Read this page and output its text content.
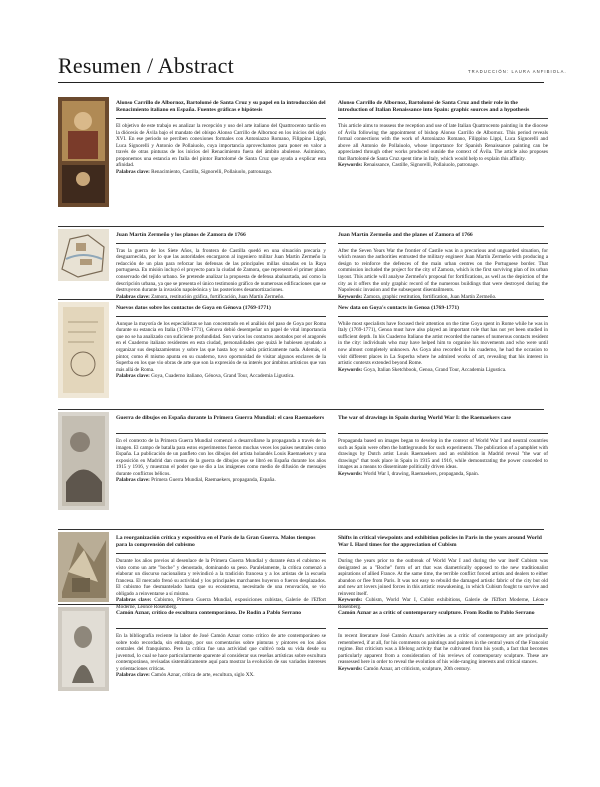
Resumen / Abstract	TRADUCCIÓN: LAURA ANFIBIOLA.
Alonso Carrillo de Albornoz, Bartolomé de Santa Cruz y su papel en la introducción del Renacimiento italiano en España. Fuentes gráficas e hipótesis

El objetivo de este trabajo es analizar la recepción y uso del arte italiano del Quattrocento tardío en la diócesis de Ávila bajo el mandato del obispo Alonso Carrillo de Albornoz en los inicios del siglo XVI. En ese periodo se perciben conexiones formales con Antoniazzo Romano, Filippino Lippi, Luca Signorelli y Antonio de Pollaiuolo, cuya importancia aprovechamos para poner en valor a través de otras pinturas de los inicios del Renacimiento fuera del ámbito abulense. Asimismo, proponemos una estancia en Italia del pintor Bartolomé de Santa Cruz que ayuda a explicar esta afinidad.

Palabras clave: Renacimiento, Castilla, Signorelli, Pollaiuolo, patronazgo.

Alonso Carrillo de Albornoz, Bartolomé de Santa Cruz and their role in the introduction of Italian Renaissance into Spain: graphic sources and a hypothesis

This article aims to reassess the reception and use of late Italian Quattrocento painting in the diocese of Ávila following the appointment of bishop Alonso Carrillo de Albornoz. This period reveals formal connections with the work of Antoniazzo Romano, Filippino Lippi, Luca Signorelli and above all Antonio de Pollaiuolo, whose importance for Spanish Renaissance painting can be appreciated through other works produced outside the context of Ávila. The article also proposes that Bartolomé de Santa Cruz spent time in Italy, which would help to explain this affinity.

Keywords: Renaissance, Castille, Signorelli, Pollaiuolo, patronage.

Juan Martín Zermeño y los planos de Zamora de 1766

Tras la guerra de los Siete Años, la frontera de Castilla quedó en una situación precaria y desguarnecida, por lo que las autoridades encargaron al ingeniero militar Juan Martín Zermeño la redacción de un plan para reforzar las defensas de las principales millas situadas en la Raya portuguesa. En misión incluyó el proyecto para la ciudad de Zamora, que representó el primer plano conservado del tejido urbano. Se pretende analizar la propuesta de defensa abaluartada, así como la descripción urbana, ya que se presenta el único testimonio gráfico de numerosas edificaciones que se destruyeron durante la invasión napoleónica y las posteriores desamortizaciones.

Palabras clave: Zamora, restitución gráfica, fortificación, Juan Martín Zermeño.

Juan Martín Zermeño and the planes of Zamora of 1766

After the Seven Years War the frontier of Castile was in a precarious and unguarded situation, for which reason the authorities entrusted the military engineer Juan Martín Zermeño with producing a design to reinforce the defences of the main urban centres on the Portuguese border. That commission included the project for the city of Zamora, which is the first surviving plan of its urban layout. This article will analyse Zermeño's proposal for fortifications, as well as the depiction of the city as it offers the only graphic record of the numerous buildings that were destroyed during the Napoleonic invasion and the subsequent disentailments.

Keywords: Zamora, graphic restitution, fortification, Juan Martín Zermeño.

Nuevos datos sobre los contactos de Goya en Génova (1769-1771)

Aunque la mayoría de los especialistas se han concentrado en el análisis del paso de Goya por Roma durante su estancia en Italia (1769-1771), Génova debió desempeñar un papel de vital importancia que no se ha analizado con suficiente profundidad. Son varios los contactos anotados por el aragonés en el Cuaderno italiano residentes en esta ciudad, personalidades que quizá le hubiesen ayudado a organizar sus desplazamientos y sobre las que hasta hoy se sabía prácticamente nada. Además, el pintor, como él mismo apunta en su cuaderno, tuvo oportunidad de visitar algunos enclaves de la Superba en los que vio obras de arte que son la expresión de su interés por ámbitos artísticos que van más allá de Roma.

Palabras clave: Goya, Cuaderno italiano, Génova, Grand Tour, Accademia Ligustica.

New data on Goya's contacts in Genoa (1769-1771)

While most specialists have focused their attention on the time Goya spent in Rome while he was in Italy (1769-1771), Genoa must have also played an important role that has not yet been studied in sufficient depth. In his Cuaderno Italiano the artist recorded the names of numerous contacts resident in the city: individuals who may have helped him to organise his movements and who were until now almost completely unknown. As Goya also recorded in his cuaderno, he had the occasion to visit different places in La Superba where he admired works of art, revealing that his interest in artistic contexts extended beyond Rome.

Keywords: Goya, Italian Sketchbook, Genoa, Grand Tour, Accademia Ligustica.

Guerra de dibujos en España durante la Primera Guerra Mundial: el caso Raemaekers

En el contexto de la Primera Guerra Mundial comenzó a desarrollarse la propaganda a través de la imagen. El campo de batalla para estos experimentos fueron muchas veces los países neutrales como España. La publicación de un panfleto con los dibujos del artista holandés Louis Raemaekers y una exposición en Madrid dan cuenta de la guerra de dibujos que se libró en España durante los años 1915 y 1916, y muestran el poder que se dio a las imágenes como medio de difusión de mensajes durante conflictos bélicos.

Palabras clave: Primera Guerra Mundial, Raemaekers, propaganda, España.

The war of drawings in Spain during World War I: the Raemaekers case

Propaganda based on images began to develop in the context of World War I and neutral countries such as Spain were often the battlegrounds for such experiments. The publication of a pamphlet with drawings by Dutch artist Louis Raemaekers and an exhibition in Madrid reveal "the war of drawings" that took place in Spain in 1915 and 1916, while demonstrating the power conceded to images as a means to disseminate politically driven ideas.

Keywords: World War I, drawing, Raemaekers, propaganda, Spain.

La reorganización crítica y expositiva en el París de la Gran Guerra. Malos tiempos para la comprensión del cubismo

Durante los años previos al desenlace de la Primera Guerra Mundial y durante ésta el cubismo es visto como un arte "boche" y denostado, dominando su peso. Paralelamente, la crítica comenzó a elaborar un discurso nacionalista y reivindicó a la tradición francesa y a los artistas de la escuela francesa. El mercado frenó su actividad y los principales marchantes huyeron o fueron desplazados. El cubismo fue desmantelado hasta que su ecosistema, necesitado de una renovación, se vio obligado a reinventarse a sí mismo.

Palabras clave: Cubismo, Primera Guerra Mundial, exposiciones cubistas, Galerie de l'Effort Moderne, Léonce Rosenberg.

Shifts in critical viewpoints and exhibition policies in Paris in the years around World War I. Hard times for the appreciation of Cubism

During the years prior to the outbreak of World War I and during the war itself Cubism was denigrated as a "Boche" form of art that was diametrically opposed to the new traditionalist aspirations of allied France. At the same time, the terrible conflict forced artists and dealers to either abandon or flee from Paris. It was not easy to rebuild the damaged artistic fabric of the city but old and new art lovers joined forces in this artistic reawakening, in which Cubism fought to survive and reinvent itself.

Keywords: Cubism, World War I, Cubist exhibitions, Galerie de l'Effort Moderne, Léonce Rosenberg.

Camón Aznar, crítico de escultura contemporánea. De Rodin a Pablo Serrano

En la bibliografía reciente la labor de José Camón Aznar como crítico de arte contemporáneo se sobre todo recordada, sin embargo, por sus comentarios sobre pinturas y pintores en los años centrales del franquismo. Pero la crítica fue una actividad que cultivó toda su vida desde su juventud, lo cual se hace particularmente aparente al considerar sus reseñas artísticas sobre escultura contemporánea, revisadas sistemáticamente aquí para mostrar la evolución de sus variados intereses y orientaciones críticas.

Palabras clave: Camón Aznar, crítica de arte, escultura, siglo XX.

Camón Aznar as a critic of contemporary sculpture. From Rodin to Pablo Serrano

In recent literature José Camón Aznar's activities as a critic of contemporary art are principally remembered, if at all, for his comments on paintings and painters in the central years of the Francoist regime. But criticism was a lifelong activity that he cultivated from his youth, a fact that becomes particularly apparent from a consideration of his reviews of contemporary sculpture. These are reassessed here in order to reveal the evolution of his wide-ranging interests and critical stances.

Keywords: Camón Aznar, art criticism, sculpture, 20th century.
